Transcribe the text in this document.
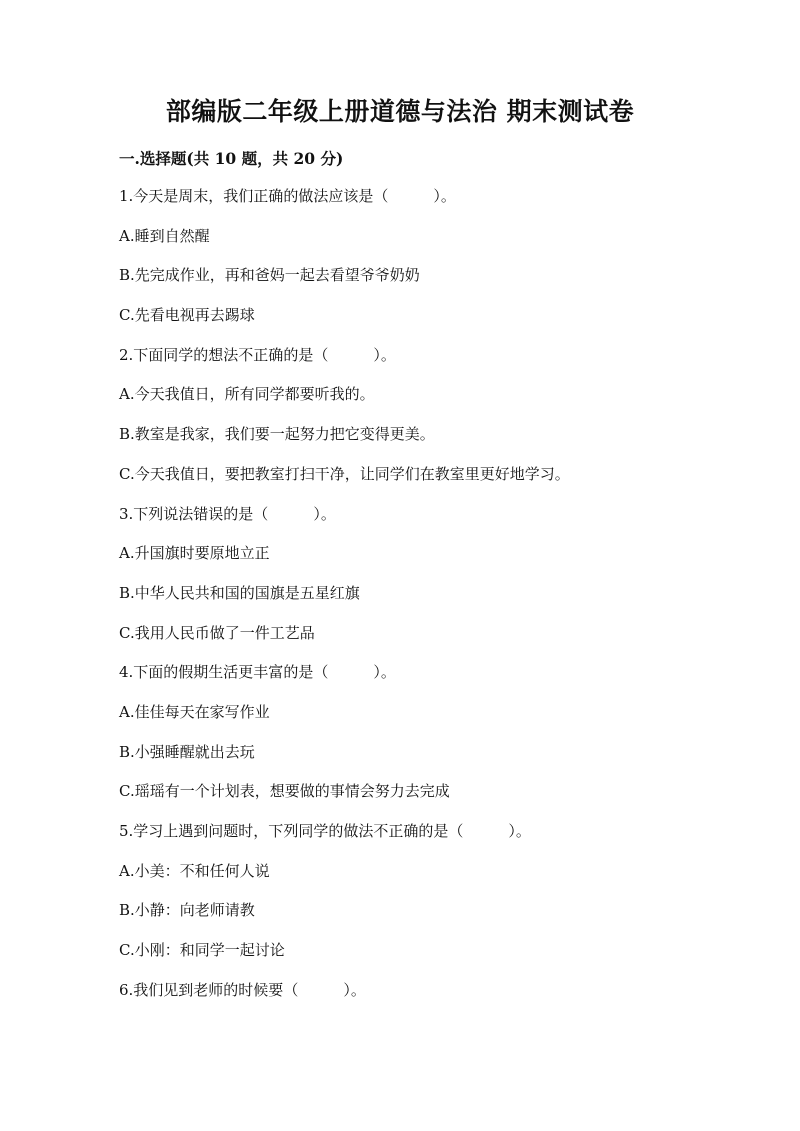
部编版二年级上册道德与法治 期末测试卷
一.选择题(共 10 题，共 20 分)
1.今天是周末，我们正确的做法应该是（　　　）。
A.睡到自然醒
B.先完成作业，再和爸妈一起去看望爷爷奶奶
C.先看电视再去踢球
2.下面同学的想法不正确的是（　　　）。
A.今天我值日，所有同学都要听我的。
B.教室是我家，我们要一起努力把它变得更美。
C.今天我值日，要把教室打扫干净，让同学们在教室里更好地学习。
3.下列说法错误的是（　　　）。
A.升国旗时要原地立正
B.中华人民共和国的国旗是五星红旗
C.我用人民币做了一件工艺品
4.下面的假期生活更丰富的是（　　　）。
A.佳佳每天在家写作业
B.小强睡醒就出去玩
C.瑶瑶有一个计划表，想要做的事情会努力去完成
5.学习上遇到问题时，下列同学的做法不正确的是（　　　）。
A.小美：不和任何人说
B.小静：向老师请教
C.小刚：和同学一起讨论
6.我们见到老师的时候要（　　　）。
